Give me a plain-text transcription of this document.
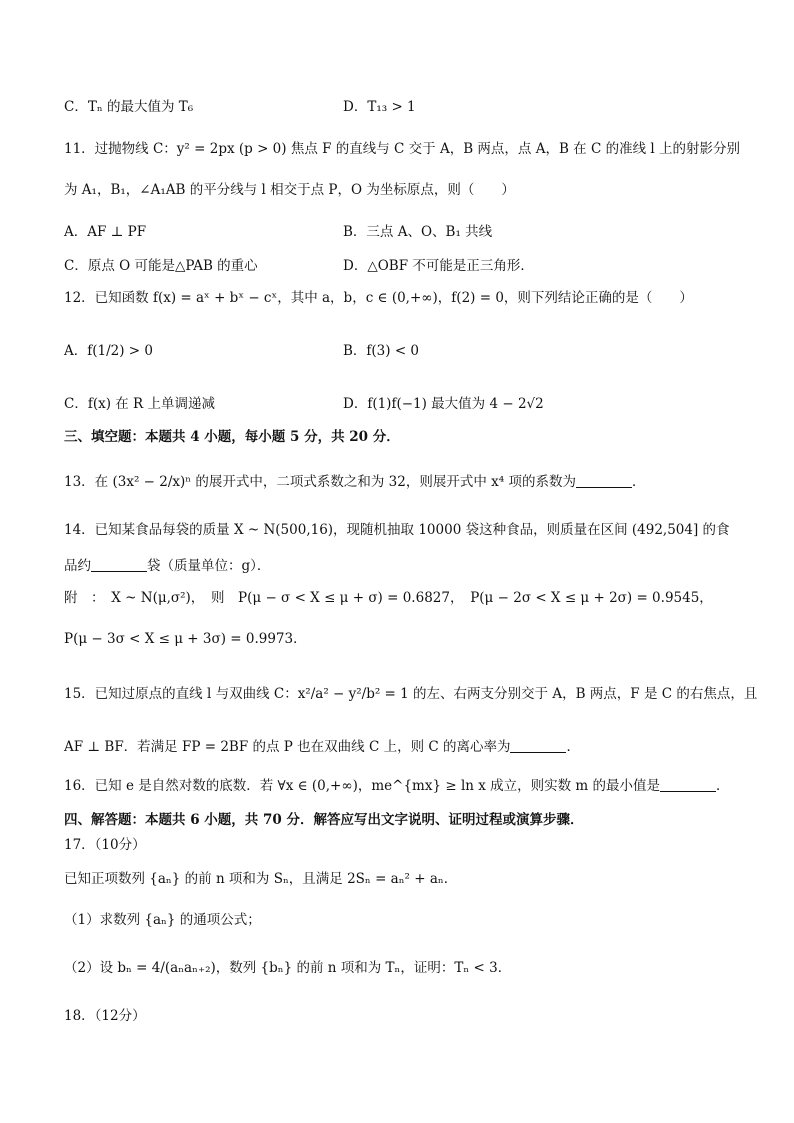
C．Tₙ 的最大值为 T₆	D．T₁₃ > 1
11．过抛物线 C：y² = 2px (p > 0) 焦点 F 的直线与 C 交于 A，B 两点，点 A，B 在 C 的准线 l 上的射影分别
为 A₁，B₁，∠A₁AB 的平分线与 l 相交于点 P，O 为坐标原点，则（　　）
A．AF ⊥ PF	B．三点 A、O、B₁ 共线
C．原点 O 可能是△PAB 的重心	D．△OBF 不可能是正三角形．
12．已知函数 f(x) = aˣ + bˣ − cˣ，其中 a，b，c ∈ (0,+∞)，f(2) = 0，则下列结论正确的是（　　）
A．f(1/2) > 0	B．f(3) < 0
C．f(x) 在 R 上单调递减	D．f(1)f(−1) 最大值为 4 − 2√2
三、填空题：本题共 4 小题，每小题 5 分，共 20 分．
13．在 (3x² − 2/x)ⁿ 的展开式中，二项式系数之和为 32，则展开式中 x⁴ 项的系数为	．
14．已知某食品每袋的质量 X ~ N(500,16)，现随机抽取 10000 袋这种食品，则质量在区间 (492,504] 的食
品约	袋（质量单位：g）．
附　：　X ~ N(μ,σ²)，　则　P(μ − σ < X ≤ μ + σ) = 0.6827，　P(μ − 2σ < X ≤ μ + 2σ) = 0.9545，
P(μ − 3σ < X ≤ μ + 3σ) = 0.9973．
15．已知过原点的直线 l 与双曲线 C：x²/a² − y²/b² = 1 的左、右两支分别交于 A，B 两点，F 是 C 的右焦点，且
AF ⊥ BF．若满足 FP = 2BF 的点 P 也在双曲线 C 上，则 C 的离心率为	．
16．已知 e 是自然对数的底数．若 ∀x ∈ (0,+∞)，me^{mx} ≥ ln x 成立，则实数 m 的最小值是	．
四、解答题：本题共 6 小题，共 70 分．解答应写出文字说明、证明过程或演算步骤．
17．（10分）
已知正项数列 {aₙ} 的前 n 项和为 Sₙ，且满足 2Sₙ = aₙ² + aₙ．
（1）求数列 {aₙ} 的通项公式；
（2）设 bₙ = 4/(aₙaₙ₊₂)，数列 {bₙ} 的前 n 项和为 Tₙ，证明：Tₙ < 3．
18．（12分）
